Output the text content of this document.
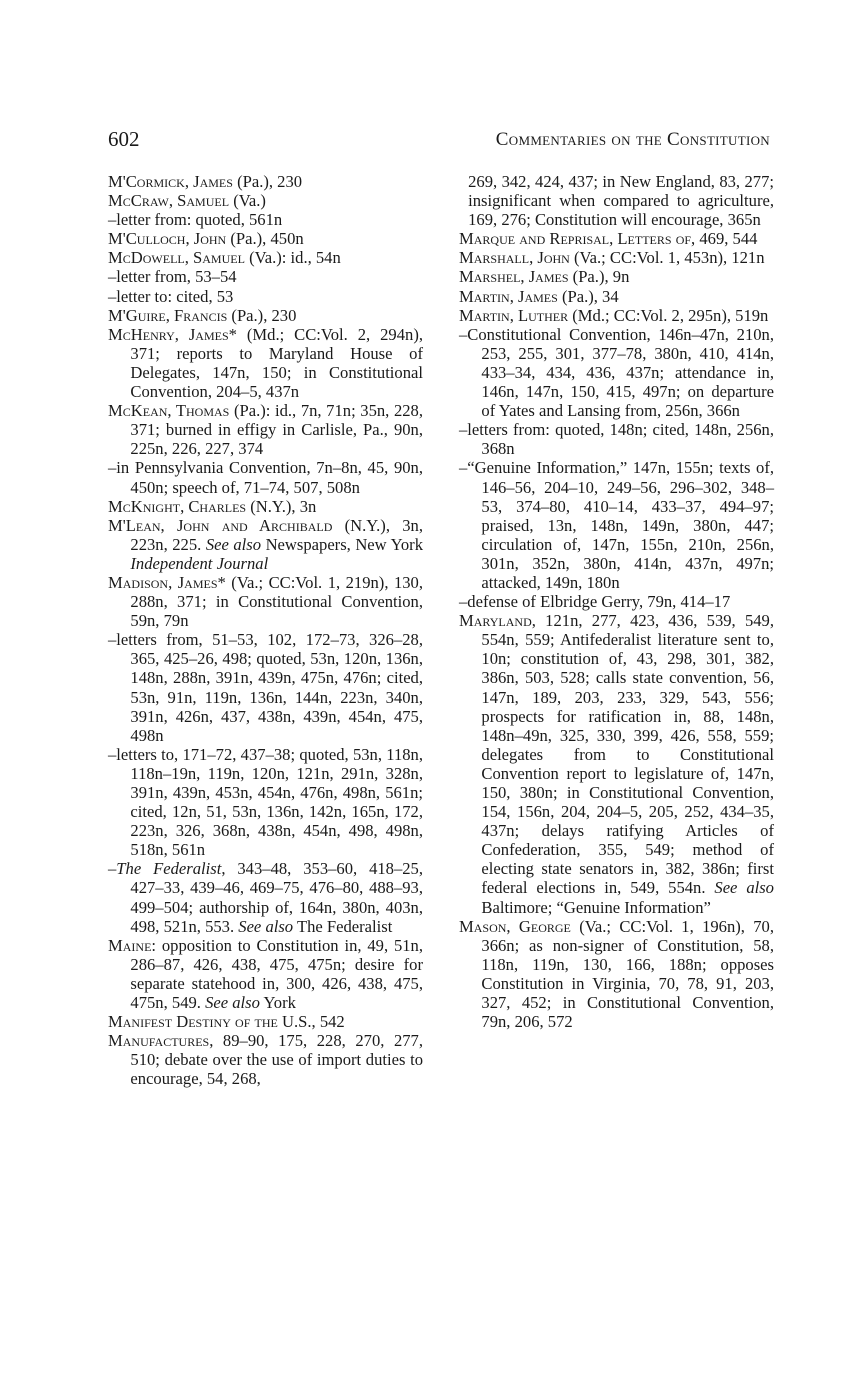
602	Commentaries on the Constitution

M'Cormick, James (Pa.), 230

McCraw, Samuel (Va.)

–letter from: quoted, 561n

M'Culloch, John (Pa.), 450n

McDowell, Samuel (Va.): id., 54n

–letter from, 53–54

–letter to: cited, 53

M'Guire, Francis (Pa.), 230

McHenry, James* (Md.; CC:Vol. 2, 294n), 371; reports to Maryland House of Delegates, 147n, 150; in Constitutional Convention, 204–5, 437n

McKean, Thomas (Pa.): id., 7n, 71n; 35n, 228, 371; burned in effigy in Carlisle, Pa., 90n, 225n, 226, 227, 374

–in Pennsylvania Convention, 7n–8n, 45, 90n, 450n; speech of, 71–74, 507, 508n

McKnight, Charles (N.Y.), 3n

M'Lean, John and Archibald (N.Y.), 3n, 223n, 225. See also Newspapers, New York Independent Journal

Madison, James* (Va.; CC:Vol. 1, 219n), 130, 288n, 371; in Constitutional Convention, 59n, 79n

–letters from, 51–53, 102, 172–73, 326–28, 365, 425–26, 498; quoted, 53n, 120n, 136n, 148n, 288n, 391n, 439n, 475n, 476n; cited, 53n, 91n, 119n, 136n, 144n, 223n, 340n, 391n, 426n, 437, 438n, 439n, 454n, 475, 498n

–letters to, 171–72, 437–38; quoted, 53n, 118n, 118n–19n, 119n, 120n, 121n, 291n, 328n, 391n, 439n, 453n, 454n, 476n, 498n, 561n; cited, 12n, 51, 53n, 136n, 142n, 165n, 172, 223n, 326, 368n, 438n, 454n, 498, 498n, 518n, 561n

–The Federalist, 343–48, 353–60, 418–25, 427–33, 439–46, 469–75, 476–80, 488–93, 499–504; authorship of, 164n, 380n, 403n, 498, 521n, 553. See also The Federalist

Maine: opposition to Constitution in, 49, 51n, 286–87, 426, 438, 475, 475n; desire for separate statehood in, 300, 426, 438, 475, 475n, 549. See also York

Manifest Destiny of the U.S., 542

Manufactures, 89–90, 175, 228, 270, 277, 510; debate over the use of import duties to encourage, 54, 268,

269, 342, 424, 437; in New England, 83, 277; insignificant when compared to agriculture, 169, 276; Constitution will encourage, 365n

Marque and Reprisal, Letters of, 469, 544

Marshall, John (Va.; CC:Vol. 1, 453n), 121n

Marshel, James (Pa.), 9n

Martin, James (Pa.), 34

Martin, Luther (Md.; CC:Vol. 2, 295n), 519n

–Constitutional Convention, 146n–47n, 210n, 253, 255, 301, 377–78, 380n, 410, 414n, 433–34, 434, 436, 437n; attendance in, 146n, 147n, 150, 415, 497n; on departure of Yates and Lansing from, 256n, 366n

–letters from: quoted, 148n; cited, 148n, 256n, 368n

–“Genuine Information,” 147n, 155n; texts of, 146–56, 204–10, 249–56, 296–302, 348–53, 374–80, 410–14, 433–37, 494–97; praised, 13n, 148n, 149n, 380n, 447; circulation of, 147n, 155n, 210n, 256n, 301n, 352n, 380n, 414n, 437n, 497n; attacked, 149n, 180n

–defense of Elbridge Gerry, 79n, 414–17

Maryland, 121n, 277, 423, 436, 539, 549, 554n, 559; Antifederalist literature sent to, 10n; constitution of, 43, 298, 301, 382, 386n, 503, 528; calls state convention, 56, 147n, 189, 203, 233, 329, 543, 556; prospects for ratification in, 88, 148n, 148n–49n, 325, 330, 399, 426, 558, 559; delegates from to Constitutional Convention report to legislature of, 147n, 150, 380n; in Constitutional Convention, 154, 156n, 204, 204–5, 205, 252, 434–35, 437n; delays ratifying Articles of Confederation, 355, 549; method of electing state senators in, 382, 386n; first federal elections in, 549, 554n. See also Baltimore; “Genuine Information”

Mason, George (Va.; CC:Vol. 1, 196n), 70, 366n; as non-signer of Constitution, 58, 118n, 119n, 130, 166, 188n; opposes Constitution in Virginia, 70, 78, 91, 203, 327, 452; in Constitutional Convention, 79n, 206, 572
